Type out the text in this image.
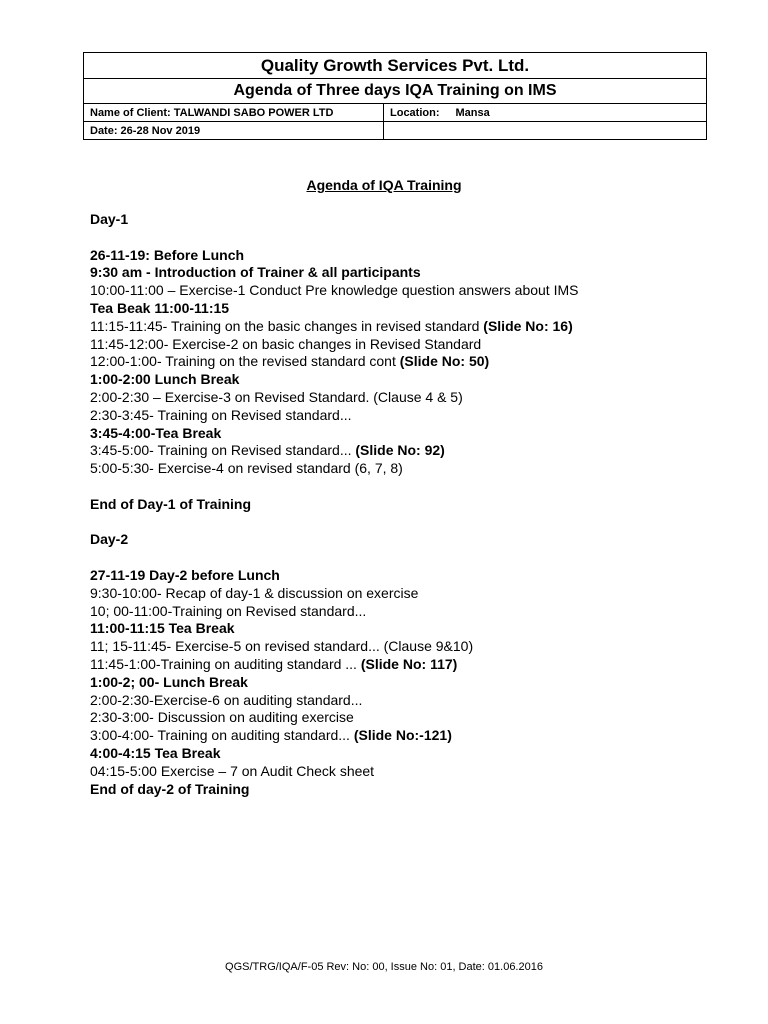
Quality Growth Services Pvt. Ltd.	
Agenda of Three days IQA Training on IMS	
Name of Client: TALWANDI SABO POWER LTD	Location: Mansa
Date: 26-28 Nov 2019	
Agenda of IQA Training
Day-1
26-11-19: Before Lunch
9:30 am - Introduction of Trainer & all participants
10:00-11:00 – Exercise-1 Conduct Pre knowledge question answers about IMS
Tea Beak 11:00-11:15
11:15-11:45- Training on the basic changes in revised standard (Slide No: 16)
11:45-12:00- Exercise-2 on basic changes in Revised Standard
12:00-1:00- Training on the revised standard cont (Slide No: 50)
1:00-2:00 Lunch Break
2:00-2:30 – Exercise-3 on Revised Standard. (Clause 4 & 5)
2:30-3:45- Training on Revised standard...
3:45-4:00-Tea Break
3:45-5:00- Training on Revised standard... (Slide No: 92)
5:00-5:30- Exercise-4 on revised standard (6, 7, 8)
End of Day-1 of Training
Day-2
27-11-19 Day-2 before Lunch
9:30-10:00- Recap of day-1 & discussion on exercise
10; 00-11:00-Training on Revised standard...
11:00-11:15 Tea Break
11; 15-11:45- Exercise-5 on revised standard... (Clause 9&10)
11:45-1:00-Training on auditing standard ... (Slide No: 117)
1:00-2; 00- Lunch Break
2:00-2:30-Exercise-6 on auditing standard...
2:30-3:00- Discussion on auditing exercise
3:00-4:00- Training on auditing standard... (Slide No:-121)
4:00-4:15 Tea Break
04:15-5:00 Exercise – 7 on Audit Check sheet
End of day-2 of Training
QGS/TRG/IQA/F-05 Rev: No: 00, Issue No: 01, Date: 01.06.2016
